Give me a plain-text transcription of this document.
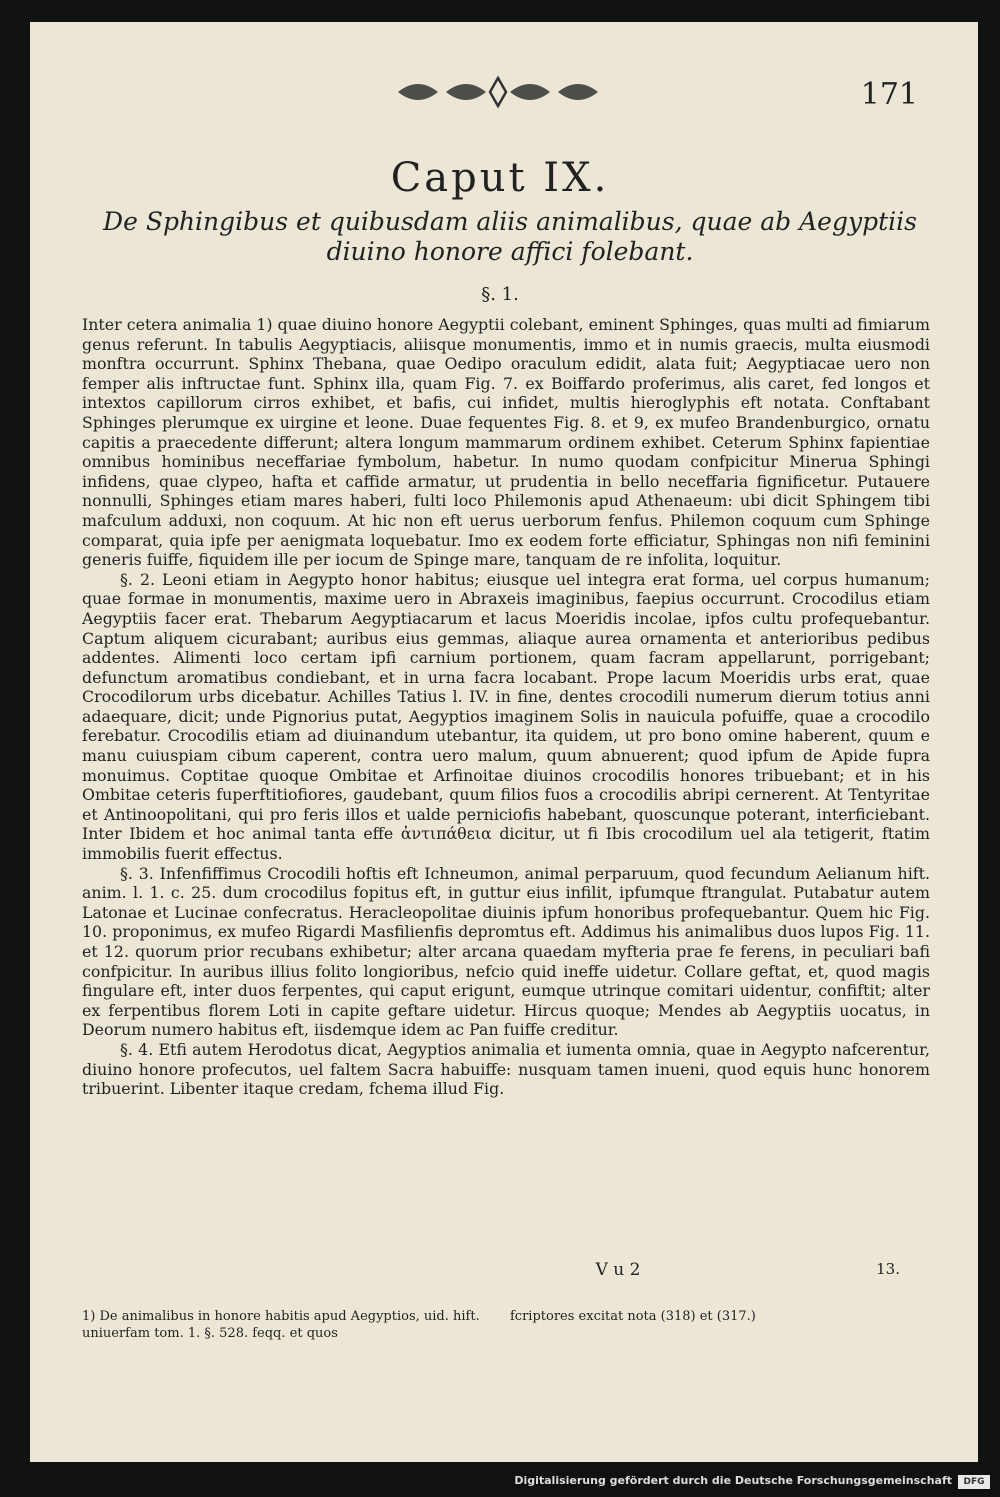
171
Caput IX.
De Sphingibus et quibusdam aliis animalibus, quae ab Aegyptiis diuino honore affici folebant.
§. 1.

Inter cetera animalia 1) quae diuino honore Aegyptii colebant, eminent Sphinges, quas multi ad fimiarum genus referunt. In tabulis Aegyptiacis, aliisque monumentis, immo et in numis graecis, multa eiusmodi monftra occurrunt. Sphinx Thebana, quae Oedipo oraculum edidit, alata fuit; Aegyptiacae uero non femper alis inftructae funt. Sphinx illa, quam Fig. 7. ex Boiffardo proferimus, alis caret, fed longos et intextos capillorum cirros exhibet, et bafis, cui infidet, multis hieroglyphis eft notata. Conftabant Sphinges plerumque ex uirgine et leone. Duae fequentes Fig. 8. et 9, ex mufeo Brandenburgico, ornatu capitis a praecedente differunt; altera longum mammarum ordinem exhibet. Ceterum Sphinx fapientiae omnibus hominibus neceffariae fymbolum, habetur. In numo quodam confpicitur Minerua Sphingi infidens, quae clypeo, hafta et caffide armatur, ut prudentia in bello neceffaria fignificetur. Putauere nonnulli, Sphinges etiam mares haberi, fulti loco Philemonis apud Athenaeum: ubi dicit Sphingem tibi mafculum adduxi, non coquum. At hic non eft uerus uerborum fenfus. Philemon coquum cum Sphinge comparat, quia ipfe per aenigmata loquebatur. Imo ex eodem forte efficiatur, Sphingas non nifi feminini generis fuiffe, fiquidem ille per iocum de Spinge mare, tanquam de re infolita, loquitur.

§. 2. Leoni etiam in Aegypto honor habitus; eiusque uel integra erat forma, uel corpus humanum; quae formae in monumentis, maxime uero in Abraxeis imaginibus, faepius occurrunt. Crocodilus etiam Aegyptiis facer erat. Thebarum Aegyptiacarum et lacus Moeridis incolae, ipfos cultu profequebantur. Captum aliquem cicurabant; auribus eius gemmas, aliaque aurea ornamenta et anterioribus pedibus addentes. Alimenti loco certam ipfi carnium portionem, quam facram appellarunt, porrigebant; defunctum aromatibus condiebant, et in urna facra locabant. Prope lacum Moeridis urbs erat, quae Crocodilorum urbs dicebatur. Achilles Tatius l. IV. in fine, dentes crocodili numerum dierum totius anni adaequare, dicit; unde Pignorius putat, Aegyptios imaginem Solis in nauicula pofuiffe, quae a crocodilo ferebatur. Crocodilis etiam ad diuinandum utebantur, ita quidem, ut pro bono omine haberent, quum e manu cuiuspiam cibum caperent, contra uero malum, quum abnuerent; quod ipfum de Apide fupra monuimus. Coptitae quoque Ombitae et Arfinoitae diuinos crocodilis honores tribuebant; et in his Ombitae ceteris fuperftitiofiores, gaudebant, quum filios fuos a crocodilis abripi cernerent. At Tentyritae et Antinoopolitani, qui pro feris illos et ualde perniciofis habebant, quoscunque poterant, interficiebant. Inter Ibidem et hoc animal tanta effe ἀντιπάθεια dicitur, ut fi Ibis crocodilum uel ala tetigerit, ftatim immobilis fuerit effectus.

§. 3. Infenfiffimus Crocodili hoftis eft Ichneumon, animal perparuum, quod fecundum Aelianum hift. anim. l. 1. c. 25. dum crocodilus fopitus eft, in guttur eius infilit, ipfumque ftrangulat. Putabatur autem Latonae et Lucinae confecratus. Heracleopolitae diuinis ipfum honoribus profequebantur. Quem hic Fig. 10. proponimus, ex mufeo Rigardi Masfilienfis depromtus eft. Addimus his animalibus duos lupos Fig. 11. et 12. quorum prior recubans exhibetur; alter arcana quaedam myfteria prae fe ferens, in peculiari bafi confpicitur. In auribus illius folito longioribus, nefcio quid ineffe uidetur. Collare geftat, et, quod magis fingulare eft, inter duos ferpentes, qui caput erigunt, eumque utrinque comitari uidentur, confiftit; alter ex ferpentibus florem Loti in capite geftare uidetur. Hircus quoque; Mendes ab Aegyptiis uocatus, in Deorum numero habitus eft, iisdemque idem ac Pan fuiffe creditur.

§. 4. Etfi autem Herodotus dicat, Aegyptios animalia et iumenta omnia, quae in Aegypto nafcerentur, diuino honore profecutos, uel faltem Sacra habuiffe: nusquam tamen inueni, quod equis hunc honorem tribuerint. Libenter itaque credam, fchema illud Fig.

V u 2	13.
1) De animalibus in honore habitis apud Aegyptios, uid. hift. uniuerfam tom. 1. §. 528. feqq. et quos
fcriptores excitat nota (318) et (317.)
Digitalisierung gefördert durch die Deutsche Forschungsgemeinschaft	DFG
